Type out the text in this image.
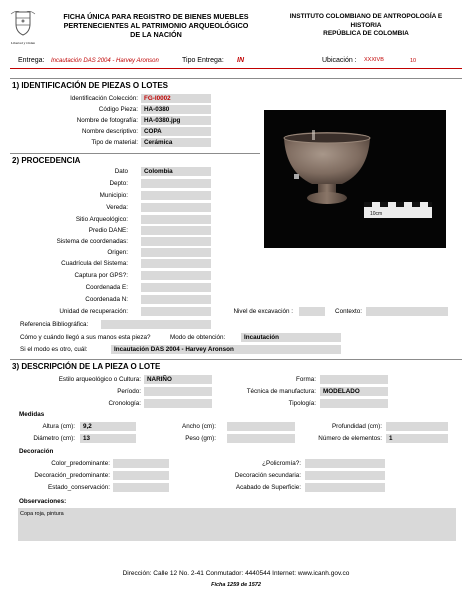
Libertad y Orden
FICHA ÚNICA PARA REGISTRO DE BIENES MUEBLES
PERTENECIENTES AL PATRIMONIO ARQUEOLÓGICO
DE LA NACIÓN
INSTITUTO COLOMBIANO DE ANTROPOLOGÍA E
HISTORIA
REPÚBLICA DE COLOMBIA
Entrega: Incautación DAS 2004 - Harvey Aronson	Tipo Entrega: IN	Ubicación : XXXIVB	10
1) IDENTIFICACIÓN DE PIEZAS O LOTES
Identificación Colección: FG-I0002
Código Pieza: HA-0380
Nombre de fotografía: HA-0380.jpg
Nombre descriptivo: COPA
Tipo de material: Cerámica
10cm
2) PROCEDENCIA
Dato	Colombia
Depto:
Municipio:
Vereda:
Sitio Arqueológico:
Predio DANE:
Sistema de coordenadas:
Origen:
Cuadrícula del Sistema:
Captura por GPS?:
Coordenada E:
Coordenada N:
Unidad de recuperación:	Nivel de excavación :	Contexto:
Referencia Bibliográfica:
Cómo y cuándo llegó a sus manos esta pieza?	Modo de obtención:	Incautación
Si el modo es otro, cuál:	Incautación DAS 2004 - Harvey Aronson
3) DESCRIPCIÓN DE LA PIEZA O LOTE
Estilo arqueológico o Cultura: NARIÑO
Período:
Cronología:
Forma:
Técnica de manufactura: MODELADO
Tipología:
Medidas
Altura (cm): 9,2
Diámetro (cm): 13
Ancho (cm):
Peso (gm):
Profundidad (cm):
Número de elementos: 1
Decoración
Color_predominante:
Decoración_predominante:
Estado_conservación:
¿Policromía?:
Decoración secundaria:
Acabado de Superficie:
Observaciones:
Copa roja, pintura
Dirección: Calle 12 No. 2-41 Conmutador: 4440544 Internet: www.icanh.gov.co
Ficha 1259 de 1572
